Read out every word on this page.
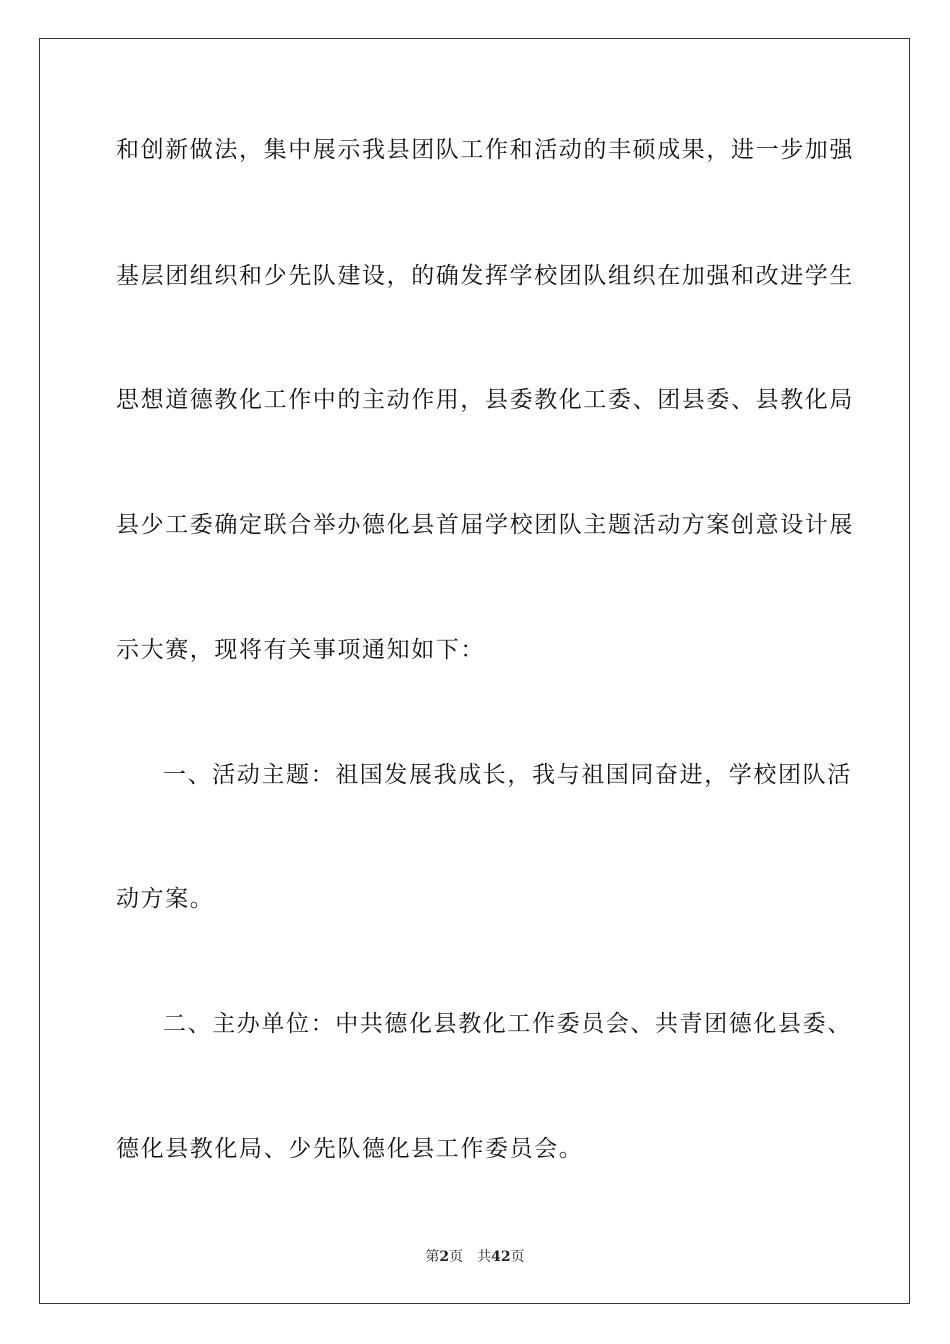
和创新做法，集中展示我县团队工作和活动的丰硕成果，进一步加强
基层团组织和少先队建设，的确发挥学校团队组织在加强和改进学生
思想道德教化工作中的主动作用，县委教化工委、团县委、县教化局
县少工委确定联合举办德化县首届学校团队主题活动方案创意设计展
示大赛，现将有关事项通知如下：
一、活动主题：祖国发展我成长，我与祖国同奋进，学校团队活
动方案。
二、主办单位：中共德化县教化工作委员会、共青团德化县委、
德化县教化局、少先队德化县工作委员会。
第2页 共42页
